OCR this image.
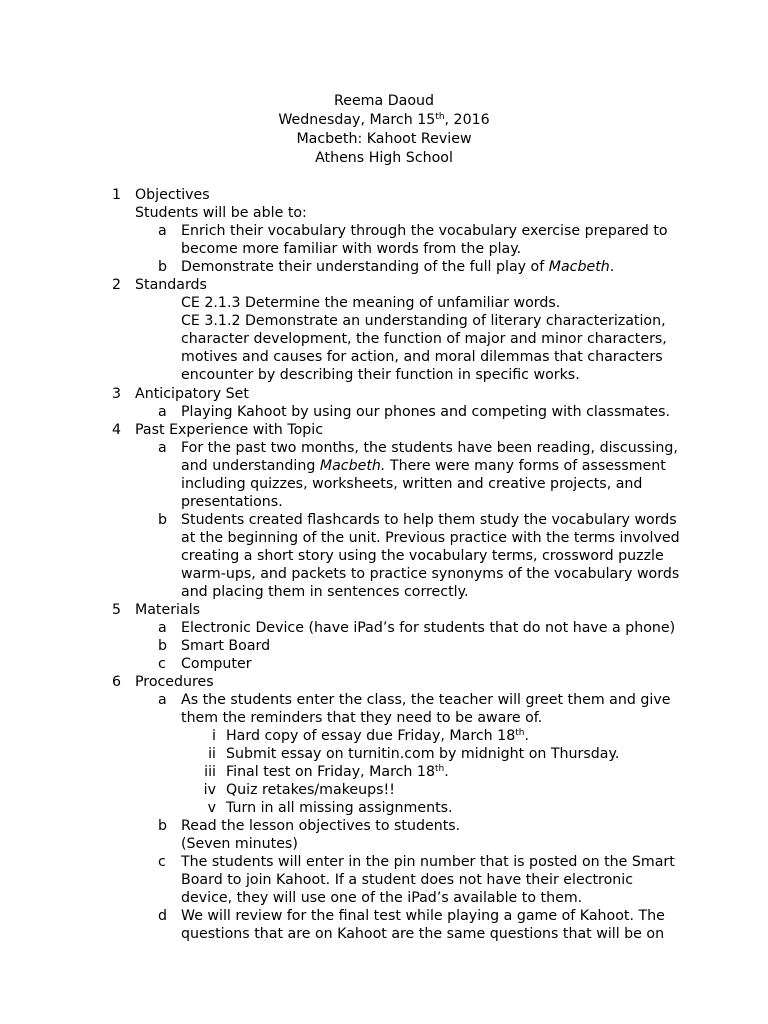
Reema Daoud
Wednesday, March 15th, 2016
Macbeth: Kahoot Review
Athens High School
1 Objectives
Students will be able to:
a Enrich their vocabulary through the vocabulary exercise prepared to become more familiar with words from the play.
b Demonstrate their understanding of the full play of Macbeth.
2 Standards
CE 2.1.3 Determine the meaning of unfamiliar words.
CE 3.1.2 Demonstrate an understanding of literary characterization, character development, the function of major and minor characters, motives and causes for action, and moral dilemmas that characters encounter by describing their function in specific works.
3 Anticipatory Set
a Playing Kahoot by using our phones and competing with classmates.
4 Past Experience with Topic
a For the past two months, the students have been reading, discussing, and understanding Macbeth. There were many forms of assessment including quizzes, worksheets, written and creative projects, and presentations.
b Students created flashcards to help them study the vocabulary words at the beginning of the unit. Previous practice with the terms involved creating a short story using the vocabulary terms, crossword puzzle warm-ups, and packets to practice synonyms of the vocabulary words and placing them in sentences correctly.
5 Materials
a Electronic Device (have iPad’s for students that do not have a phone)
b Smart Board
c Computer
6 Procedures
a As the students enter the class, the teacher will greet them and give them the reminders that they need to be aware of.
i Hard copy of essay due Friday, March 18th.
ii Submit essay on turnitin.com by midnight on Thursday.
iii Final test on Friday, March 18th.
iv Quiz retakes/makeups!!
v Turn in all missing assignments.
b Read the lesson objectives to students.
(Seven minutes)
c The students will enter in the pin number that is posted on the Smart Board to join Kahoot. If a student does not have their electronic device, they will use one of the iPad’s available to them.
d We will review for the final test while playing a game of Kahoot. The questions that are on Kahoot are the same questions that will be on
